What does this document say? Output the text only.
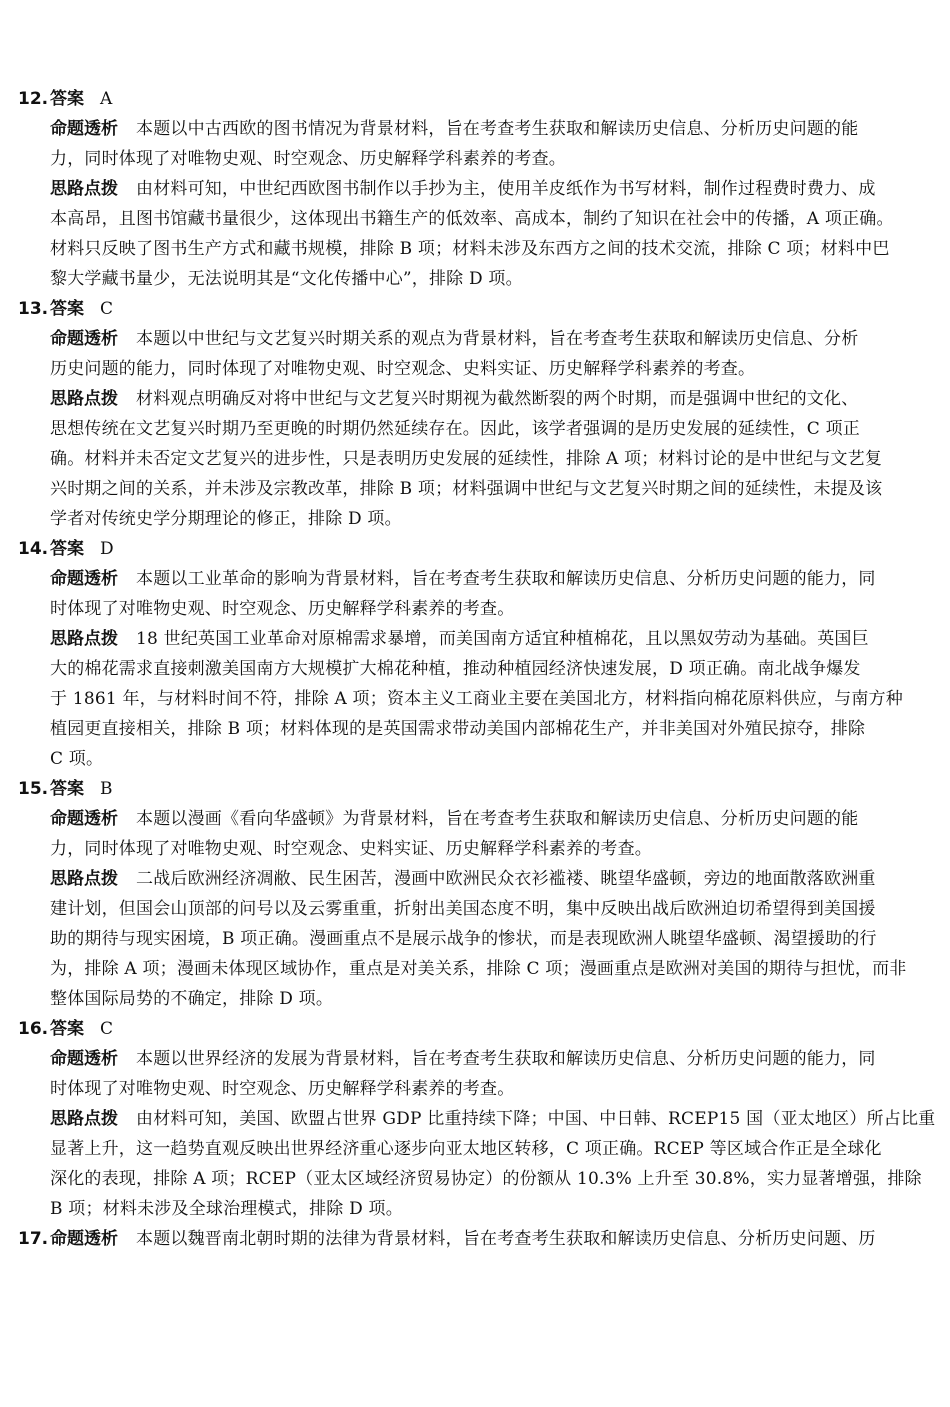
12. 答案 A
命题透析 本题以中古西欧的图书情况为背景材料，旨在考查考生获取和解读历史信息、分析历史问题的能
力，同时体现了对唯物史观、时空观念、历史解释学科素养的考查。
思路点拨 由材料可知，中世纪西欧图书制作以手抄为主，使用羊皮纸作为书写材料，制作过程费时费力、成
本高昂，且图书馆藏书量很少，这体现出书籍生产的低效率、高成本，制约了知识在社会中的传播，A 项正确。
材料只反映了图书生产方式和藏书规模，排除 B 项；材料未涉及东西方之间的技术交流，排除 C 项；材料中巴
黎大学藏书量少，无法说明其是“文化传播中心”，排除 D 项。
13. 答案 C
命题透析 本题以中世纪与文艺复兴时期关系的观点为背景材料，旨在考查考生获取和解读历史信息、分析
历史问题的能力，同时体现了对唯物史观、时空观念、史料实证、历史解释学科素养的考查。
思路点拨 材料观点明确反对将中世纪与文艺复兴时期视为截然断裂的两个时期，而是强调中世纪的文化、
思想传统在文艺复兴时期乃至更晚的时期仍然延续存在。因此，该学者强调的是历史发展的延续性，C 项正
确。材料并未否定文艺复兴的进步性，只是表明历史发展的延续性，排除 A 项；材料讨论的是中世纪与文艺复
兴时期之间的关系，并未涉及宗教改革，排除 B 项；材料强调中世纪与文艺复兴时期之间的延续性，未提及该
学者对传统史学分期理论的修正，排除 D 项。
14. 答案 D
命题透析 本题以工业革命的影响为背景材料，旨在考查考生获取和解读历史信息、分析历史问题的能力，同
时体现了对唯物史观、时空观念、历史解释学科素养的考查。
思路点拨 18 世纪英国工业革命对原棉需求暴增，而美国南方适宜种植棉花，且以黑奴劳动为基础。英国巨
大的棉花需求直接刺激美国南方大规模扩大棉花种植，推动种植园经济快速发展，D 项正确。南北战争爆发
于 1861 年，与材料时间不符，排除 A 项；资本主义工商业主要在美国北方，材料指向棉花原料供应，与南方种
植园更直接相关，排除 B 项；材料体现的是英国需求带动美国内部棉花生产，并非美国对外殖民掠夺，排除
C 项。
15. 答案 B
命题透析 本题以漫画《看向华盛顿》为背景材料，旨在考查考生获取和解读历史信息、分析历史问题的能
力，同时体现了对唯物史观、时空观念、史料实证、历史解释学科素养的考查。
思路点拨 二战后欧洲经济凋敝、民生困苦，漫画中欧洲民众衣衫褴褛、眺望华盛顿，旁边的地面散落欧洲重
建计划，但国会山顶部的问号以及云雾重重，折射出美国态度不明，集中反映出战后欧洲迫切希望得到美国援
助的期待与现实困境，B 项正确。漫画重点不是展示战争的惨状，而是表现欧洲人眺望华盛顿、渴望援助的行
为，排除 A 项；漫画未体现区域协作，重点是对美关系，排除 C 项；漫画重点是欧洲对美国的期待与担忧，而非
整体国际局势的不确定，排除 D 项。
16. 答案 C
命题透析 本题以世界经济的发展为背景材料，旨在考查考生获取和解读历史信息、分析历史问题的能力，同
时体现了对唯物史观、时空观念、历史解释学科素养的考查。
思路点拨 由材料可知，美国、欧盟占世界 GDP 比重持续下降；中国、中日韩、RCEP15 国（亚太地区）所占比重
显著上升，这一趋势直观反映出世界经济重心逐步向亚太地区转移，C 项正确。RCEP 等区域合作正是全球化
深化的表现，排除 A 项；RCEP（亚太区域经济贸易协定）的份额从 10.3% 上升至 30.8%，实力显著增强，排除
B 项；材料未涉及全球治理模式，排除 D 项。
17. 命题透析 本题以魏晋南北朝时期的法律为背景材料，旨在考查考生获取和解读历史信息、分析历史问题、历
